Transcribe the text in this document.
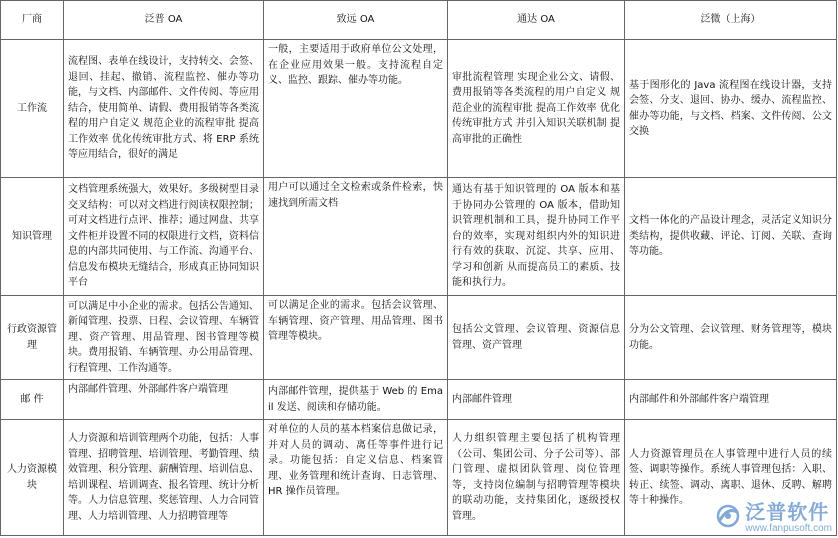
厂商	泛普 OA	致远 OA	通达 OA	泛微（上海）
工作流	流程图、表单在线设计，支持转交、会签、退回、挂起、撤销、流程监控、催办等功能，与文档、内部邮件、文件传阅、等应用结合，使用简单、请假、费用报销等各类流程的用户自定义 规范企业的流程审批 提高工作效率 优化传统审批方式、将 ERP 系统等应用结合，很好的满足	一般，主要适用于政府单位公文处理，在企业应用效果一般。支持流程自定义、监控、跟踪、催办等功能。	审批流程管理 实现企业公文、请假、费用报销等各类流程的用户自定义 规范企业的流程审批 提高工作效率 优化传统审批方式 并引入知识关联机制 提高审批的正确性	基于图形化的 Java 流程图在线设计器，支持会签、分支、退回、协办、缓办、流程监控、催办等功能，与文档、档案、文件传阅、公文交换
知识管理	文档管理系统强大，效果好。多级树型目录交叉结构：可以对文档进行阅读权限控制；可对文档进行点评、推荐；通过网盘、共享文件柜并设置不同的权限进行文档，资料信息的内部共同使用、与工作流、沟通平台、信息发布模块无缝结合，形成真正协同知识平台	用户可以通过全文检索或条件检索，快速找到所需文档	通达有基于知识管理的 OA 版本和基于协同办公管理的 OA 版本，借助知识管理机制和工具，提升协同工作平台的效率，实现对组织内外的知识进行有效的获取、沉淀、共享、应用、学习和创新 从而提高员工的素质、技能和执行力。	文档一体化的产品设计理念，灵活定义知识分类结构，提供收藏、评论、订阅、关联、查询等功能。
行政资源管理	可以满足中小企业的需求。包括公告通知、新闻管理、投票、日程、会议管理、车辆管理、资产管理、用品管理、图书管理等模块。费用报销、车辆管理、办公用品管理、行程管理、工作沟通等。	可以满足企业的需求。包括会议管理、 车辆管理、资产管理、用品管理、图书管理等模块。	包括公文管理、会议管理、资源信息管理、资产管理	分为公文管理、会议管理、财务管理等，模块功能。
邮 件	内部邮件管理、外部邮件客户端管理	内部邮件管理，提供基于 Web 的 Email 发送、阅读和存储功能。	内部邮件管理	内部邮件和外部邮件客户端管理
人力资源模块	人力资源和培训管理两个功能，包括：人事管理、招聘管理、培训管理、考勤管理、绩效管理、积分管理、薪酬管理、培训信息、培训课程、培训调查、报名管理、统计分析等。人力信息管理、奖惩管理、人力合同管理、人力培训管理、人力招聘管理等	对单位的人员的基本档案信息做记录，并对人员的调动、离任等事件进行记录。功能包括：自定义信息、档案管理、业务管理和统计查询、日志管理、HR 操作员管理。	人力组织管理主要包括了机构管理（公司、集团公司、分子公司等）、部门管理、虚拟团队管理、岗位管理等，支持岗位编制与招聘管理等模块的联动功能，支持集团化，逐级授权管理。	人力资源管理员在人事管理中进行人员的续签、调职等操作。系统人事管理包括：入职、转正、续签、调动、离职、退休、反聘、解聘等十种操作。	泛普软件
www.fanpusoft.com
